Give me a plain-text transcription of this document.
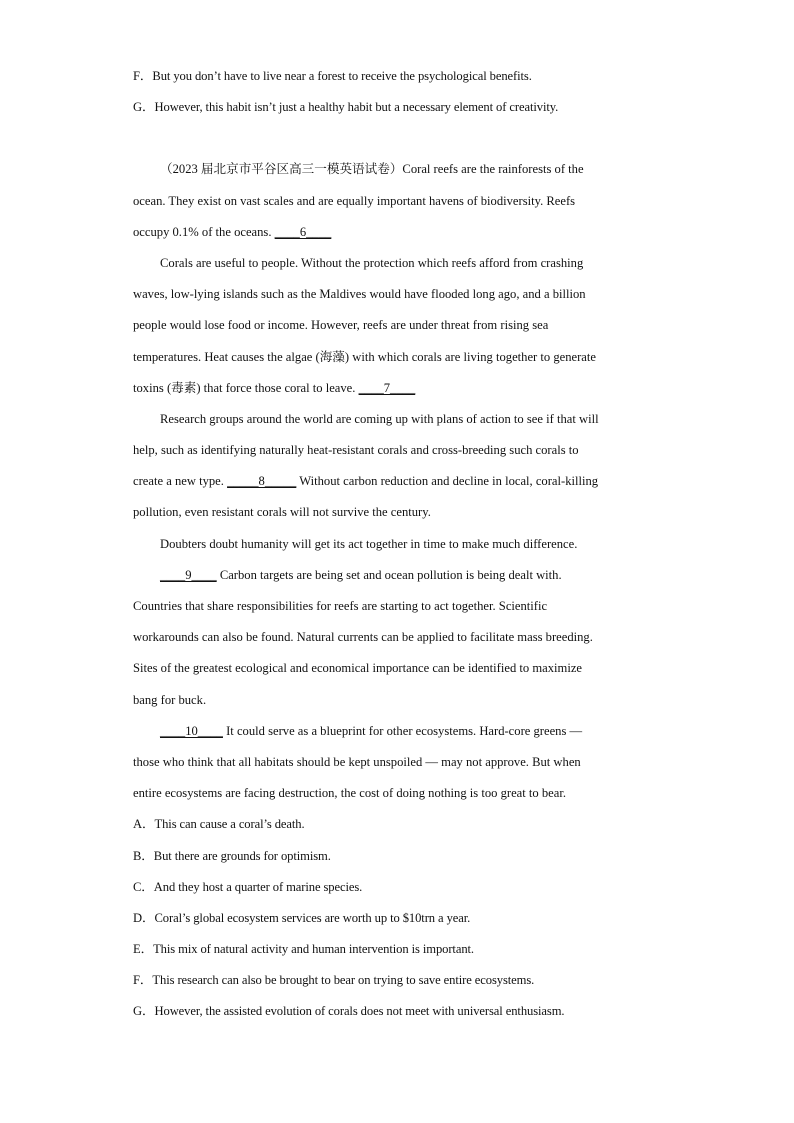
F．But you don’t have to live near a forest to receive the psychological benefits.
G．However, this habit isn’t just a healthy habit but a necessary element of creativity.
（2023 届北京市平谷区高三一模英语试卷）Coral reefs are the rainforests of the
ocean. They exist on vast scales and are equally important havens of biodiversity. Reefs
occupy 0.1% of the oceans. ____6____
Corals are useful to people. Without the protection which reefs afford from crashing
waves, low-lying islands such as the Maldives would have flooded long ago, and a billion
people would lose food or income. However, reefs are under threat from rising sea
temperatures. Heat causes the algae (海藻) with which corals are living together to generate
toxins (毒素) that force those coral to leave. ____7____
Research groups around the world are coming up with plans of action to see if that will
help, such as identifying naturally heat-resistant corals and cross-breeding such corals to
create a new type. _____8_____ Without carbon reduction and decline in local, coral-killing
pollution, even resistant corals will not survive the century.
Doubters doubt humanity will get its act together in time to make much difference.
____9____ Carbon targets are being set and ocean pollution is being dealt with.
Countries that share responsibilities for reefs are starting to act together. Scientific
workarounds can also be found. Natural currents can be applied to facilitate mass breeding.
Sites of the greatest ecological and economical importance can be identified to maximize
bang for buck.
____10____ It could serve as a blueprint for other ecosystems. Hard-core greens —
those who think that all habitats should be kept unspoiled — may not approve. But when
entire ecosystems are facing destruction, the cost of doing nothing is too great to bear.
A．This can cause a coral’s death.
B．But there are grounds for optimism.
C．And they host a quarter of marine species.
D．Coral’s global ecosystem services are worth up to $10trn a year.
E．This mix of natural activity and human intervention is important.
F．This research can also be brought to bear on trying to save entire ecosystems.
G．However, the assisted evolution of corals does not meet with universal enthusiasm.
